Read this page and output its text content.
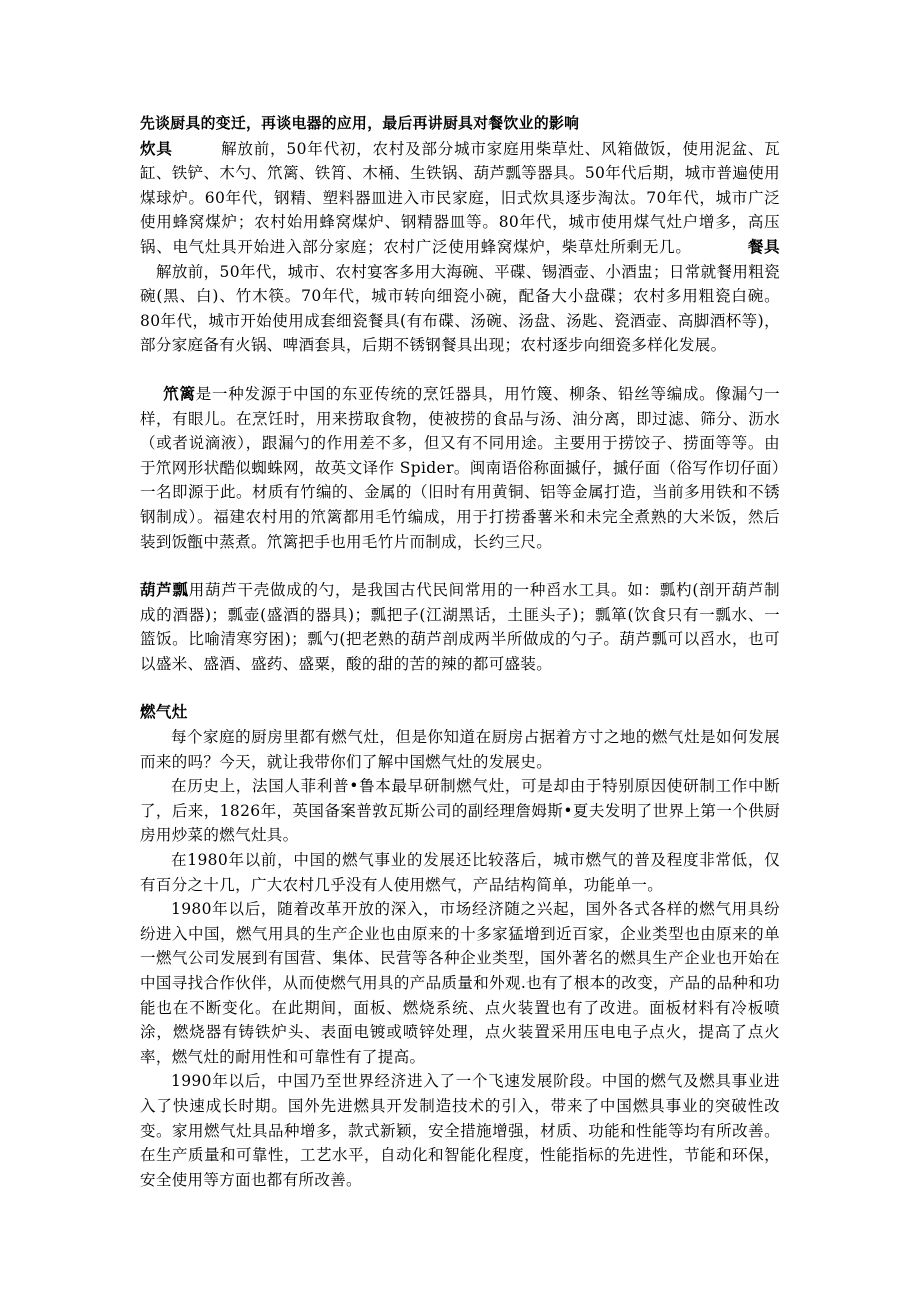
先谈厨具的变迁，再谈电器的应用，最后再讲厨具对餐饮业的影响

炊具	解放前，50年代初，农村及部分城市家庭用柴草灶、风箱做饭，使用泥盆、瓦缸、铁铲、木勺、笊篱、铁筲、木桶、生铁锅、葫芦瓢等器具。50年代后期，城市普遍使用煤球炉。60年代，钢精、塑料器皿进入市民家庭，旧式炊具逐步淘汰。70年代，城市广泛使用蜂窝煤炉；农村始用蜂窝煤炉、钢精器皿等。80年代，城市使用煤气灶户增多，高压锅、电气灶具开始进入部分家庭；农村广泛使用蜂窝煤炉，柴草灶所剩无几。	餐具解放前，50年代，城市、农村宴客多用大海碗、平碟、锡酒壶、小酒盅；日常就餐用粗瓷碗(黑、白)、竹木筷。70年代，城市转向细瓷小碗，配备大小盘碟；农村多用粗瓷白碗。80年代，城市开始使用成套细瓷餐具(有布碟、汤碗、汤盘、汤匙、瓷酒壶、高脚酒杯等)，部分家庭备有火锅、啤酒套具，后期不锈钢餐具出现；农村逐步向细瓷多样化发展。

笊篱是一种发源于中国的东亚传统的烹饪器具，用竹篾、柳条、铅丝等编成。像漏勺一样，有眼儿。在烹饪时，用来捞取食物，使被捞的食品与汤、油分离，即过滤、筛分、沥水（或者说滴液），跟漏勺的作用差不多，但又有不同用途。主要用于捞饺子、捞面等等。由于笊网形状酷似蜘蛛网，故英文译作 Spider。闽南语俗称面摵仔，摵仔面（俗写作切仔面）一名即源于此。材质有竹编的、金属的（旧时有用黄铜、铝等金属打造，当前多用铁和不锈钢制成）。福建农村用的笊篱都用毛竹编成，用于打捞番薯米和未完全煮熟的大米饭，然后装到饭甑中蒸煮。笊篱把手也用毛竹片而制成，长约三尺。

葫芦瓢用葫芦干壳做成的勺，是我国古代民间常用的一种舀水工具。如：瓢杓(剖开葫芦制成的酒器)；瓢壶(盛酒的器具)；瓢把子(江湖黑话，土匪头子)；瓢箪(饮食只有一瓢水、一篮饭。比喻清寒穷困)；瓢勺(把老熟的葫芦剖成两半所做成的勺子。葫芦瓢可以舀水，也可以盛米、盛酒、盛药、盛粟，酸的甜的苦的辣的都可盛装。

燃气灶

每个家庭的厨房里都有燃气灶，但是你知道在厨房占据着方寸之地的燃气灶是如何发展而来的吗？今天，就让我带你们了解中国燃气灶的发展史。

在历史上，法国人菲利普•鲁本最早研制燃气灶，可是却由于特别原因使研制工作中断了，后来，1826年，英国备案普敦瓦斯公司的副经理詹姆斯•夏夫发明了世界上第一个供厨房用炒菜的燃气灶具。

在1980年以前，中国的燃气事业的发展还比较落后，城市燃气的普及程度非常低，仅有百分之十几，广大农村几乎没有人使用燃气，产品结构简单，功能单一。

1980年以后，随着改革开放的深入，市场经济随之兴起，国外各式各样的燃气用具纷纷进入中国，燃气用具的生产企业也由原来的十多家猛增到近百家，企业类型也由原来的单一燃气公司发展到有国营、集体、民营等各种企业类型，国外著名的燃具生产企业也开始在中国寻找合作伙伴，从而使燃气用具的产品质量和外观.也有了根本的改变，产品的品种和功能也在不断变化。在此期间，面板、燃烧系统、点火装置也有了改进。面板材料有冷板喷涂，燃烧器有铸铁炉头、表面电镀或喷锌处理，点火装置采用压电电子点火，提高了点火率，燃气灶的耐用性和可靠性有了提高。

1990年以后，中国乃至世界经济进入了一个飞速发展阶段。中国的燃气及燃具事业进入了快速成长时期。国外先进燃具开发制造技术的引入，带来了中国燃具事业的突破性改变。家用燃气灶具品种增多，款式新颖，安全措施增强，材质、功能和性能等均有所改善。在生产质量和可靠性，工艺水平，自动化和智能化程度，性能指标的先进性，节能和环保，安全使用等方面也都有所改善。
